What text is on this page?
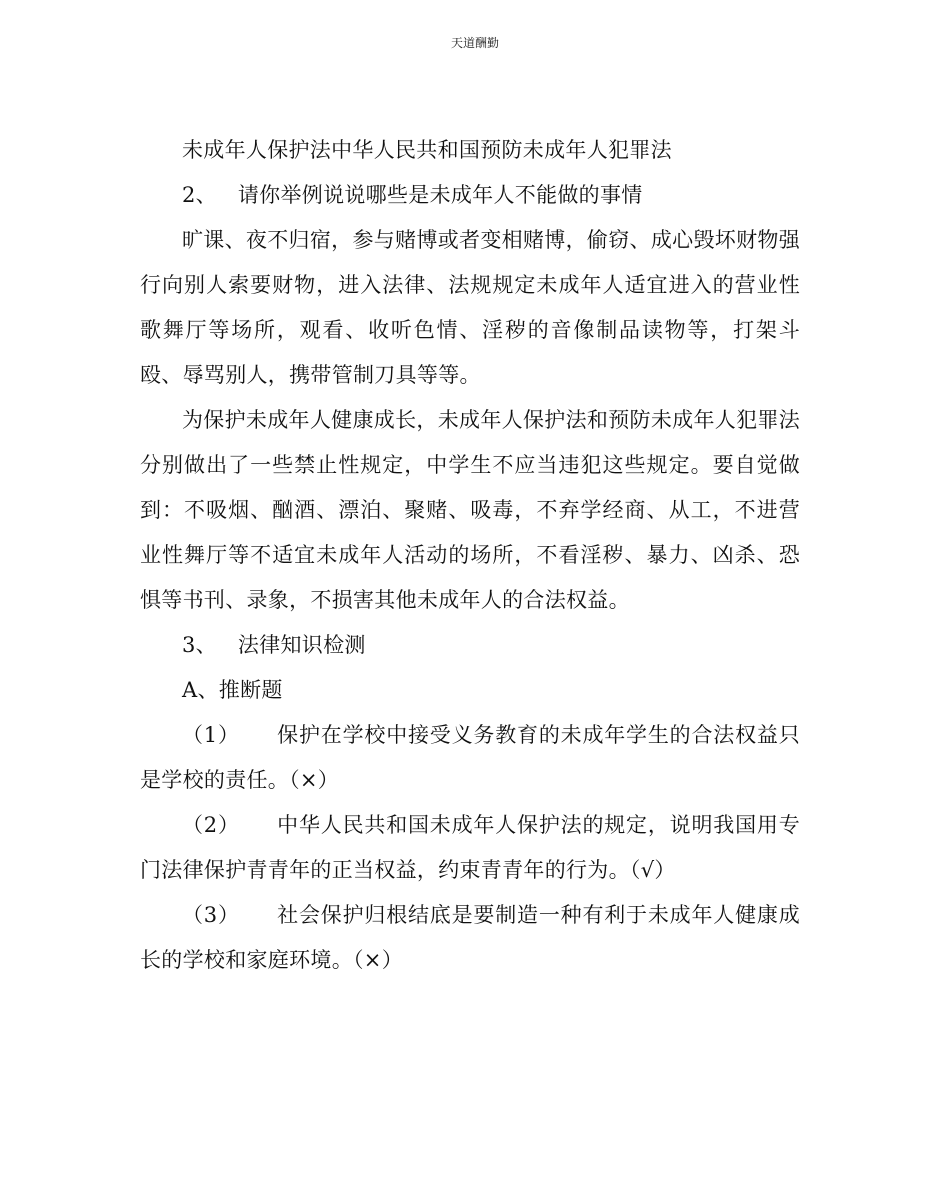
天道酬勤

未成年人保护法中华人民共和国预防未成年人犯罪法

2、   请你举例说说哪些是未成年人不能做的事情

旷课、夜不归宿，参与赌博或者变相赌博，偷窃、成心毁坏财物强行向别人索要财物，进入法律、法规规定未成年人适宜进入的营业性歌舞厅等场所，观看、收听色情、淫秽的音像制品读物等，打架斗殴、辱骂别人，携带管制刀具等等。

为保护未成年人健康成长，未成年人保护法和预防未成年人犯罪法分别做出了一些禁止性规定，中学生不应当违犯这些规定。要自觉做到：不吸烟、酗酒、漂泊、聚赌、吸毒，不弃学经商、从工，不进营业性舞厅等不适宜未成年人活动的场所，不看淫秽、暴力、凶杀、恐惧等书刊、录象，不损害其他未成年人的合法权益。

3、   法律知识检测

A、推断题

（1）     保护在学校中接受义务教育的未成年学生的合法权益只是学校的责任。（×）

（2）     中华人民共和国未成年人保护法的规定，说明我国用专门法律保护青青年的正当权益，约束青青年的行为。（√）

（3）     社会保护归根结底是要制造一种有利于未成年人健康成长的学校和家庭环境。（×）
